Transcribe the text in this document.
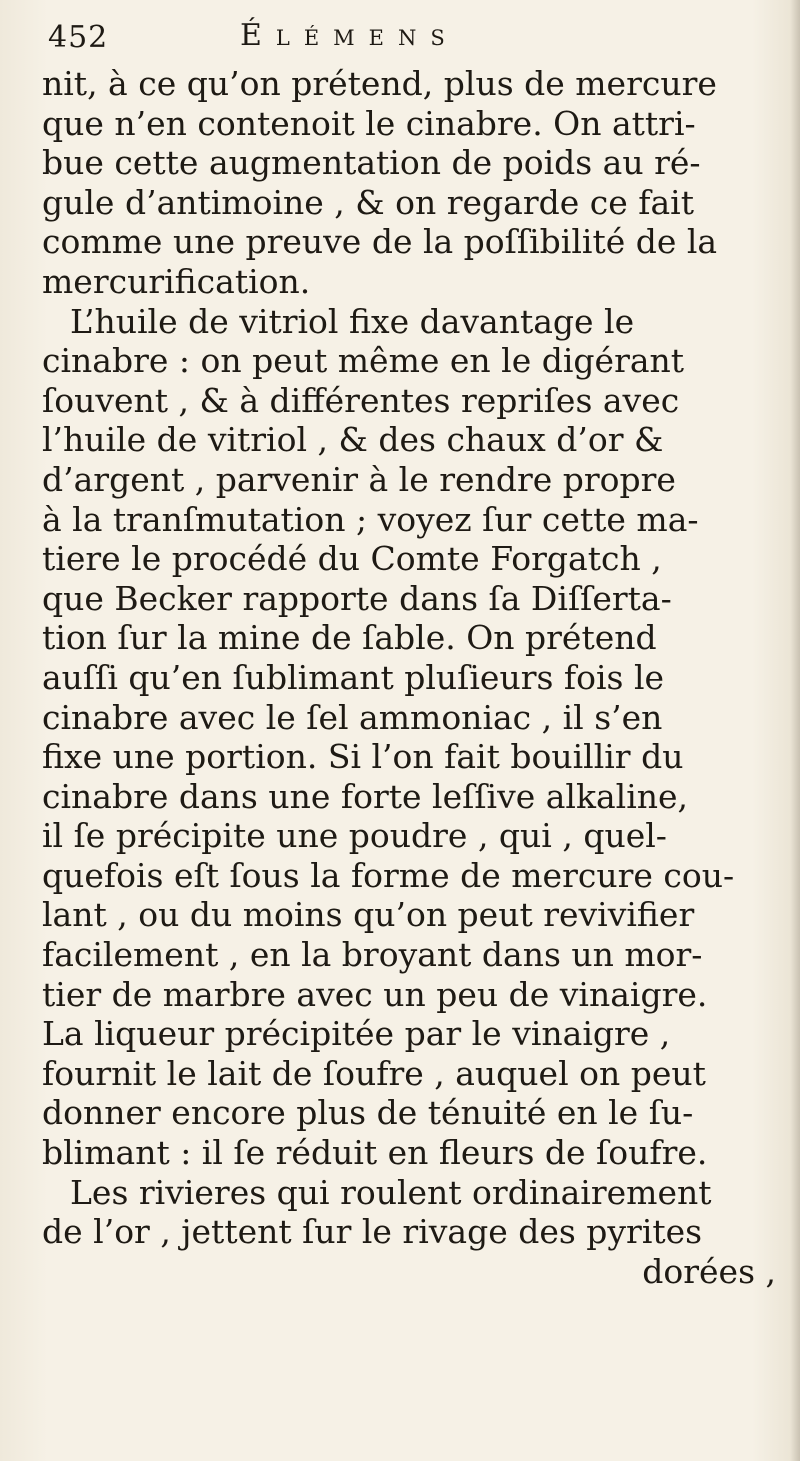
452	Élémens
nit, à ce qu’on prétend, plus de mercure
que n’en contenoit le cinabre. On attri-
bue cette augmentation de poids au ré-
gule d’antimoine , & on regarde ce fait
comme une preuve de la poſſibilité de la
mercurification.
L’huile de vitriol fixe davantage le
cinabre : on peut même en le digérant
ſouvent , & à différentes repriſes avec
l’huile de vitriol , & des chaux d’or &
d’argent , parvenir à le rendre propre
à la tranſmutation ; voyez ſur cette ma-
tiere le procédé du Comte Forgatch ,
que Becker rapporte dans ſa Diſſerta-
tion ſur la mine de ſable. On prétend
auſſi qu’en ſublimant pluſieurs fois le
cinabre avec le ſel ammoniac , il s’en
fixe une portion. Si l’on fait bouillir du
cinabre dans une forte leſſive alkaline,
il ſe précipite une poudre , qui , quel-
quefois eſt ſous la forme de mercure cou-
lant , ou du moins qu’on peut revivifier
facilement , en la broyant dans un mor-
tier de marbre avec un peu de vinaigre.
La liqueur précipitée par le vinaigre ,
fournit le lait de ſoufre , auquel on peut
donner encore plus de ténuité en le ſu-
blimant : il ſe réduit en fleurs de ſoufre.
Les rivieres qui roulent ordinairement
de l’or , jettent ſur le rivage des pyrites
dorées ,
